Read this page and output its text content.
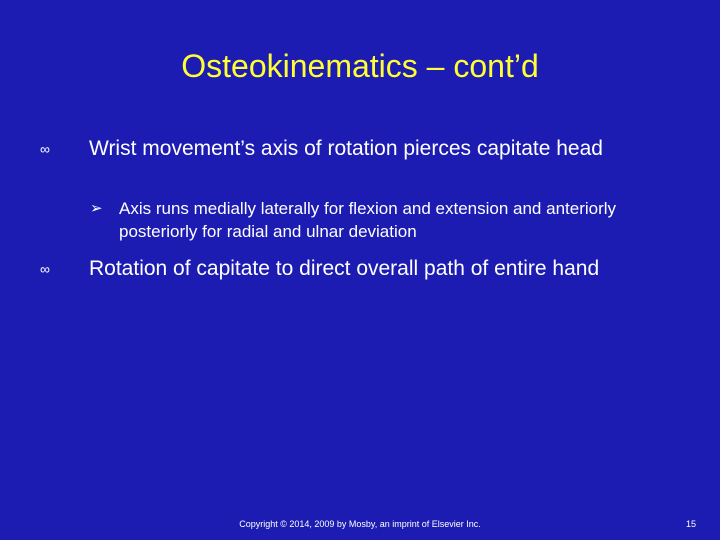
Osteokinematics – cont’d
∞ Wrist movement’s axis of rotation pierces capitate head
➢ Axis runs medially laterally for flexion and extension and anteriorly posteriorly for radial and ulnar deviation
∞ Rotation of capitate to direct overall path of entire hand
Copyright © 2014, 2009 by Mosby, an imprint of Elsevier Inc.	15
